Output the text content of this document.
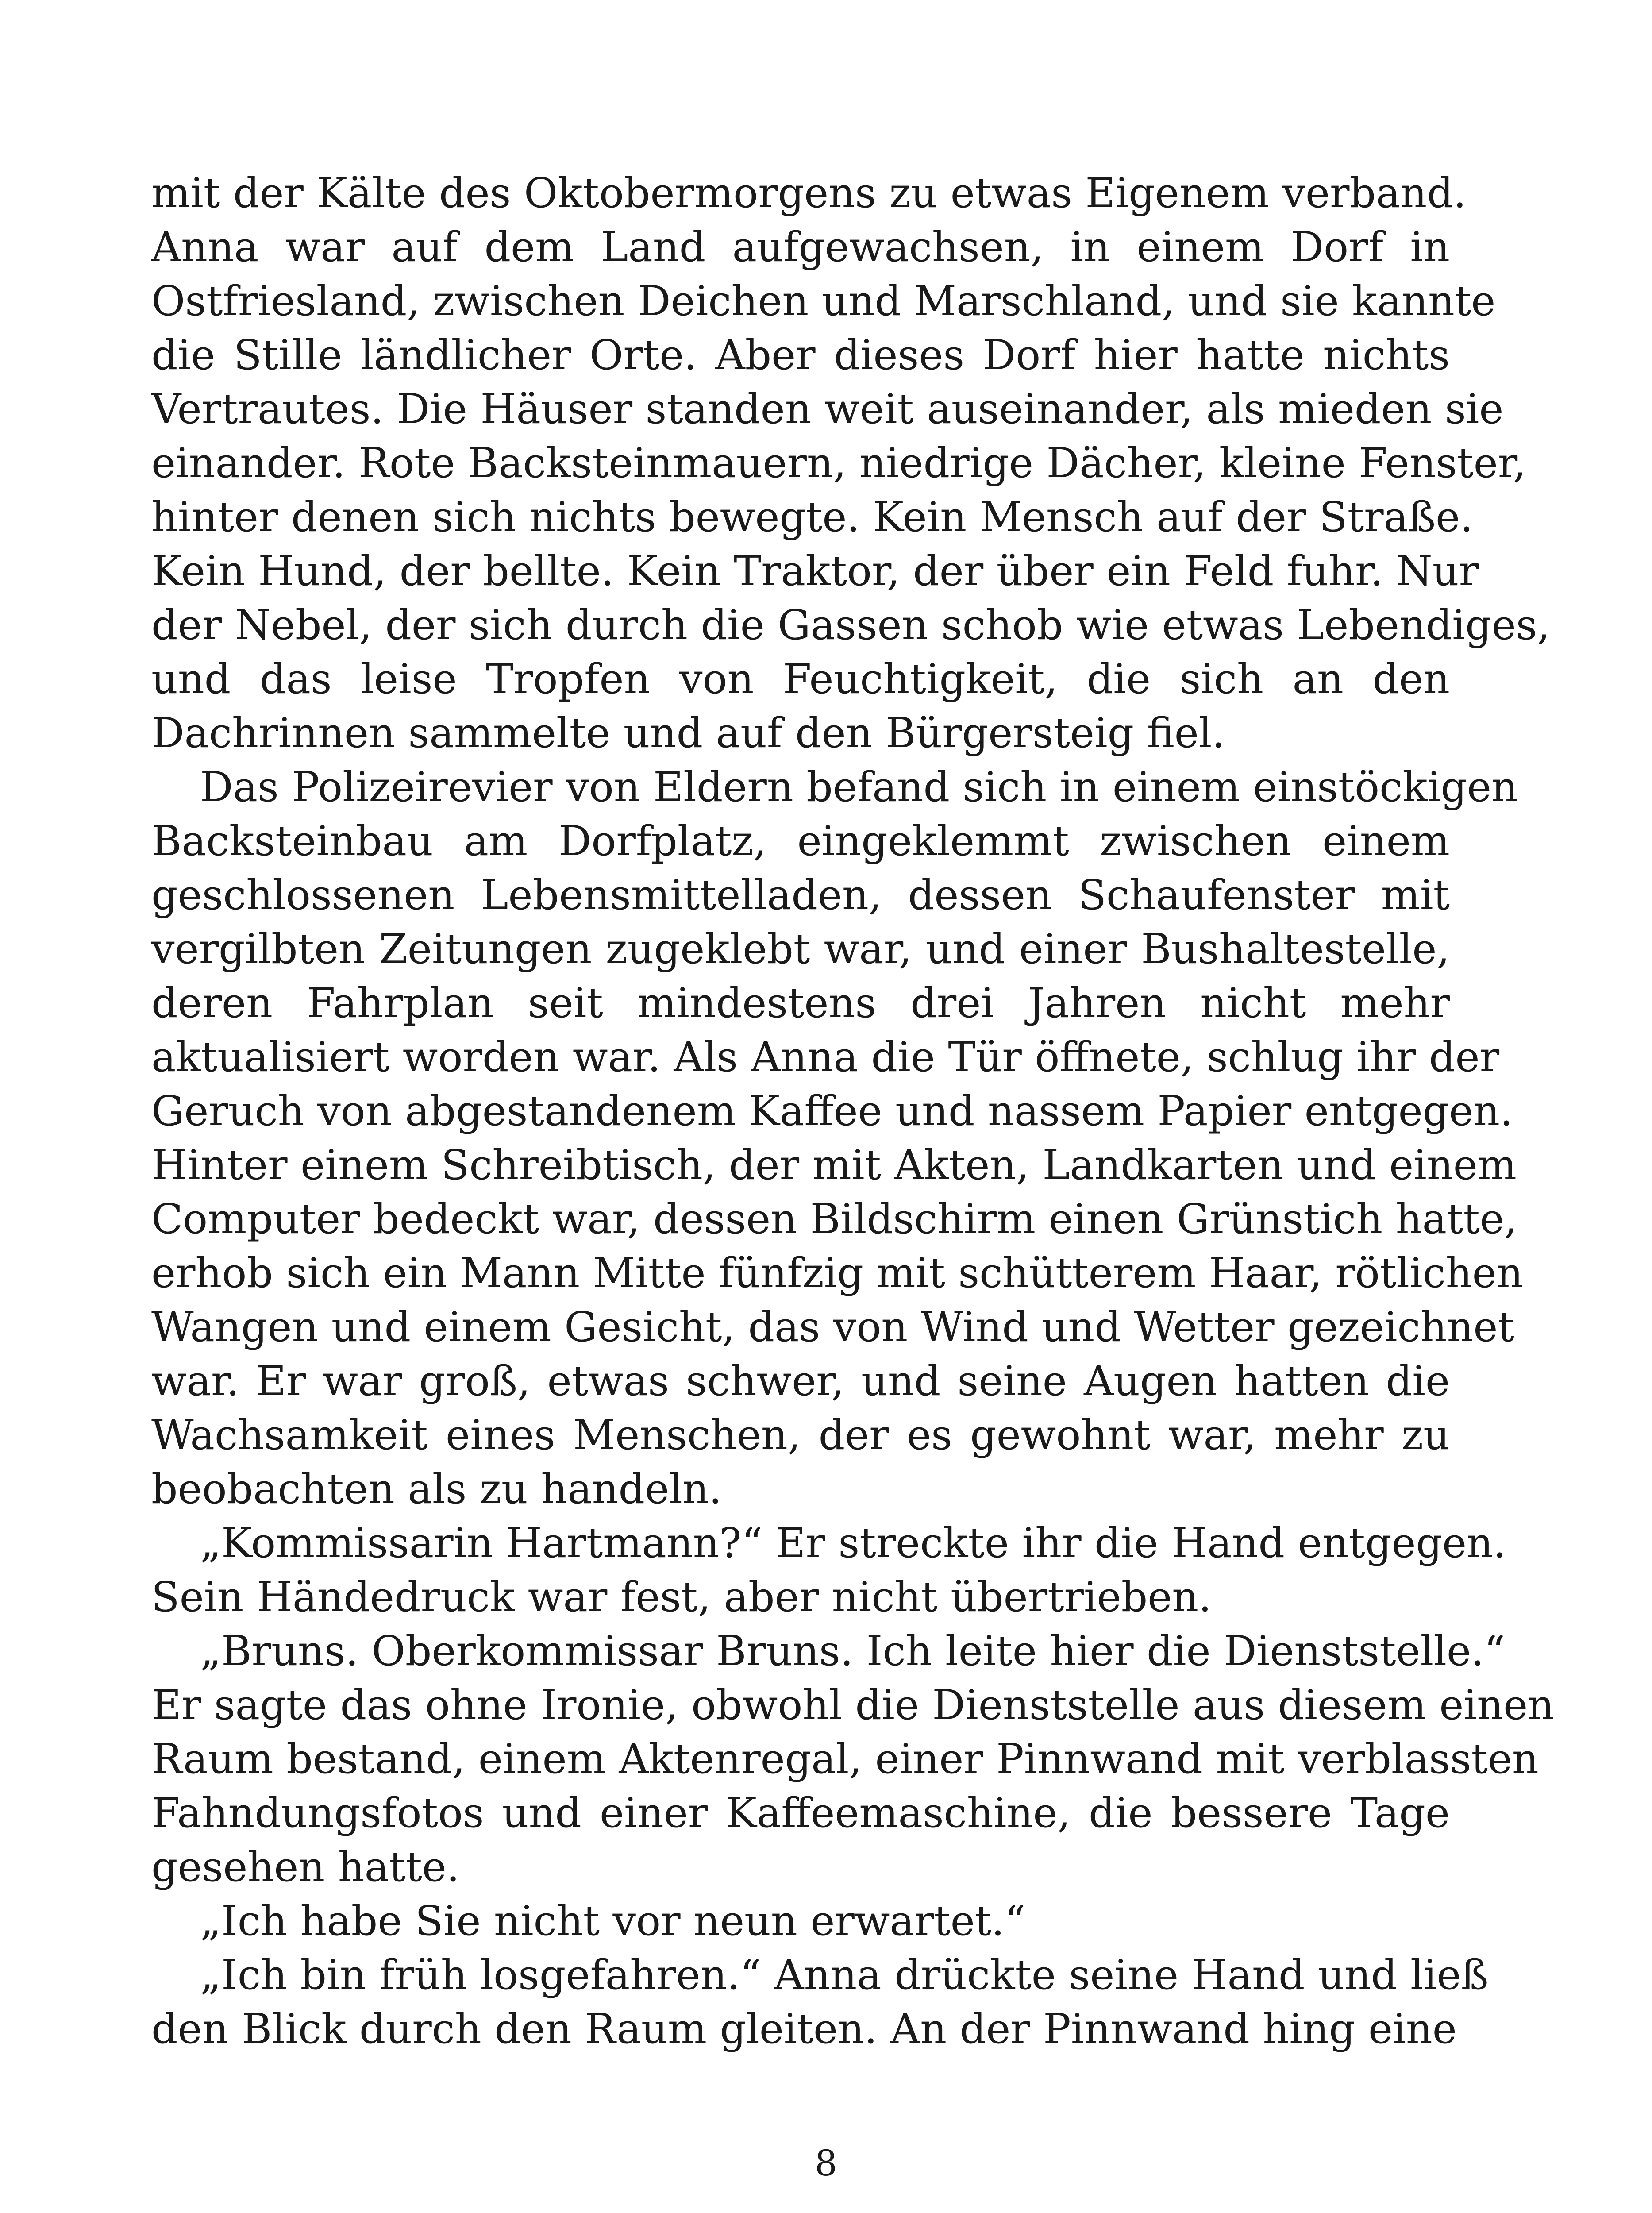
mit der Kälte des Oktobermorgens zu etwas Eigenem verband.
Anna war auf dem Land aufgewachsen, in einem Dorf in
Ostfriesland, zwischen Deichen und Marschland, und sie kannte
die Stille ländlicher Orte. Aber dieses Dorf hier hatte nichts
Vertrautes. Die Häuser standen weit auseinander, als mieden sie
einander. Rote Backsteinmauern, niedrige Dächer, kleine Fenster,
hinter denen sich nichts bewegte. Kein Mensch auf der Straße.
Kein Hund, der bellte. Kein Traktor, der über ein Feld fuhr. Nur
der Nebel, der sich durch die Gassen schob wie etwas Lebendiges,
und das leise Tropfen von Feuchtigkeit, die sich an den
Dachrinnen sammelte und auf den Bürgersteig fiel.
Das Polizeirevier von Eldern befand sich in einem einstöckigen
Backsteinbau am Dorfplatz, eingeklemmt zwischen einem
geschlossenen Lebensmittelladen, dessen Schaufenster mit
vergilbten Zeitungen zugeklebt war, und einer Bushaltestelle,
deren Fahrplan seit mindestens drei Jahren nicht mehr
aktualisiert worden war. Als Anna die Tür öffnete, schlug ihr der
Geruch von abgestandenem Kaffee und nassem Papier entgegen.
Hinter einem Schreibtisch, der mit Akten, Landkarten und einem
Computer bedeckt war, dessen Bildschirm einen Grünstich hatte,
erhob sich ein Mann Mitte fünfzig mit schütterem Haar, rötlichen
Wangen und einem Gesicht, das von Wind und Wetter gezeichnet
war. Er war groß, etwas schwer, und seine Augen hatten die
Wachsamkeit eines Menschen, der es gewohnt war, mehr zu
beobachten als zu handeln.
„Kommissarin Hartmann?“ Er streckte ihr die Hand entgegen.
Sein Händedruck war fest, aber nicht übertrieben.
„Bruns. Oberkommissar Bruns. Ich leite hier die Dienststelle.“
Er sagte das ohne Ironie, obwohl die Dienststelle aus diesem einen
Raum bestand, einem Aktenregal, einer Pinnwand mit verblassten
Fahndungsfotos und einer Kaffeemaschine, die bessere Tage
gesehen hatte.
„Ich habe Sie nicht vor neun erwartet.“
„Ich bin früh losgefahren.“ Anna drückte seine Hand und ließ
den Blick durch den Raum gleiten. An der Pinnwand hing eine
8
